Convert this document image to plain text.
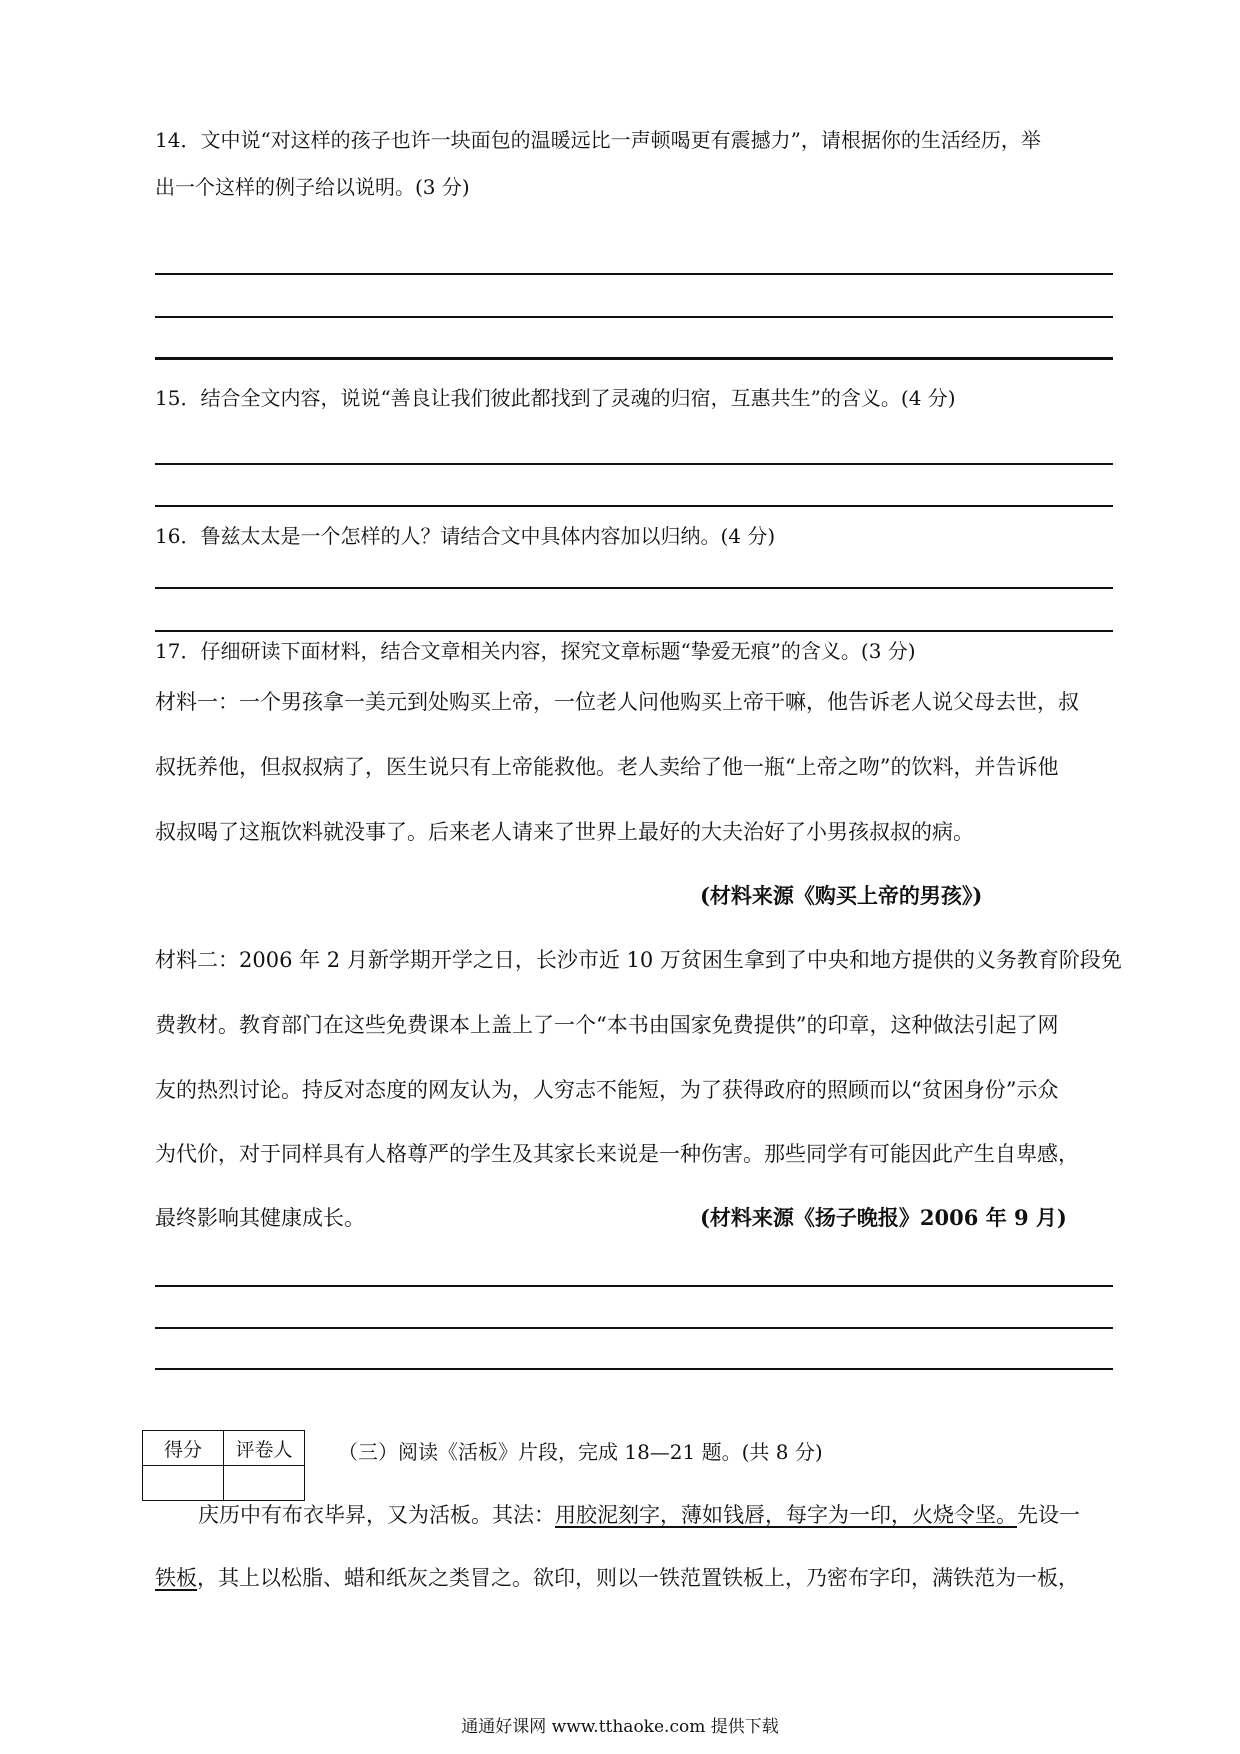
14．文中说“对这样的孩子也许一块面包的温暖远比一声顿喝更有震撼力”，请根据你的生活经历，举
出一个这样的例子给以说明。(3 分)
15．结合全文内容，说说“善良让我们彼此都找到了灵魂的归宿，互惠共生”的含义。(4 分)
16．鲁兹太太是一个怎样的人？请结合文中具体内容加以归纳。(4 分)
17．仔细研读下面材料，结合文章相关内容，探究文章标题“挚爱无痕”的含义。(3 分)
材料一：一个男孩拿一美元到处购买上帝，一位老人问他购买上帝干嘛，他告诉老人说父母去世，叔
叔抚养他，但叔叔病了，医生说只有上帝能救他。老人卖给了他一瓶“上帝之吻”的饮料，并告诉他
叔叔喝了这瓶饮料就没事了。后来老人请来了世界上最好的大夫治好了小男孩叔叔的病。
(材料来源《购买上帝的男孩》)
材料二：2006 年 2 月新学期开学之日，长沙市近 10 万贫困生拿到了中央和地方提供的义务教育阶段免
费教材。教育部门在这些免费课本上盖上了一个“本书由国家免费提供”的印章，这种做法引起了网
友的热烈讨论。持反对态度的网友认为，人穷志不能短，为了获得政府的照顾而以“贫困身份”示众
为代价，对于同样具有人格尊严的学生及其家长来说是一种伤害。那些同学有可能因此产生自卑感，
最终影响其健康成长。	(材料来源《扬子晚报》2006 年 9 月)
得分	评卷人
	（三）阅读《活板》片段，完成 18—21 题。(共 8 分)
庆历中有布衣毕昇，又为活板。其法：用胶泥刻字，薄如钱唇，每字为一印，火烧令坚。先设一
铁板，其上以松脂、蜡和纸灰之类冒之。欲印，则以一铁范置铁板上，乃密布字印，满铁范为一板，
通通好课网 www.tthaoke.com 提供下载
